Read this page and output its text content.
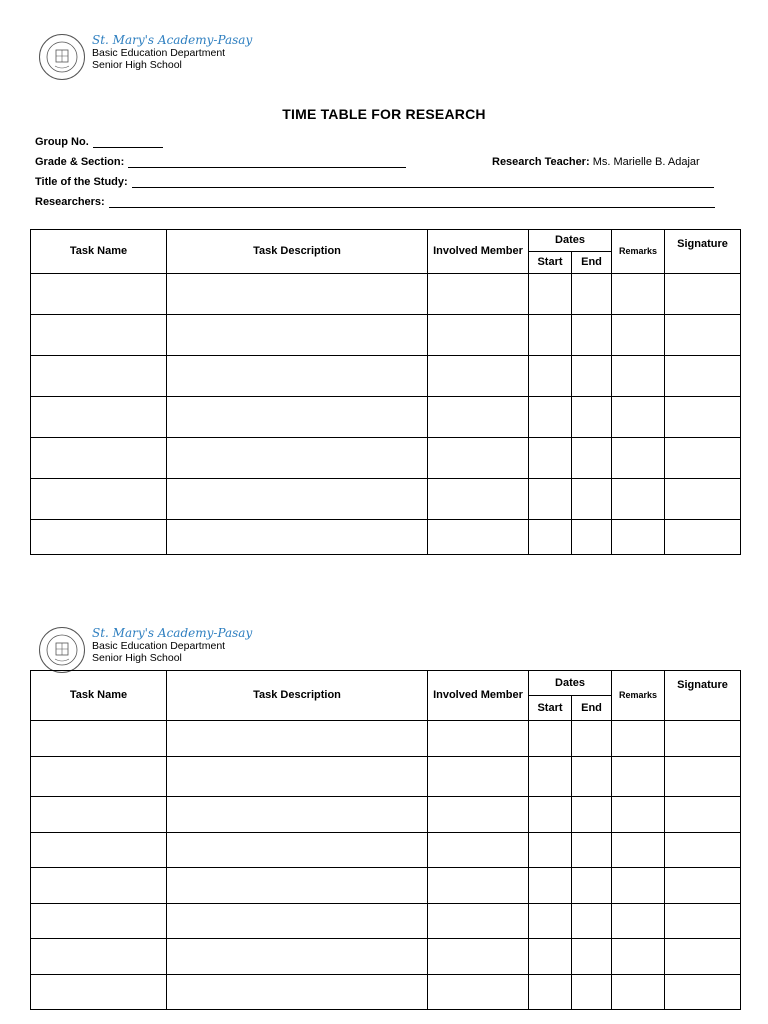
St. Mary's Academy-Pasay
Basic Education Department
Senior High School
TIME TABLE FOR RESEARCH
Group No.
Grade & Section:	Research Teacher: Ms. Marielle B. Adajar
Title of the Study:
Researchers:
Task Name	Task Description	Involved Member	Dates		Remarks	Signature
			Start	End		

St. Mary's Academy-Pasay
Basic Education Department
Senior High School
Task Name	Task Description	Involved Member	Dates		Remarks	Signature
			Start	End		
